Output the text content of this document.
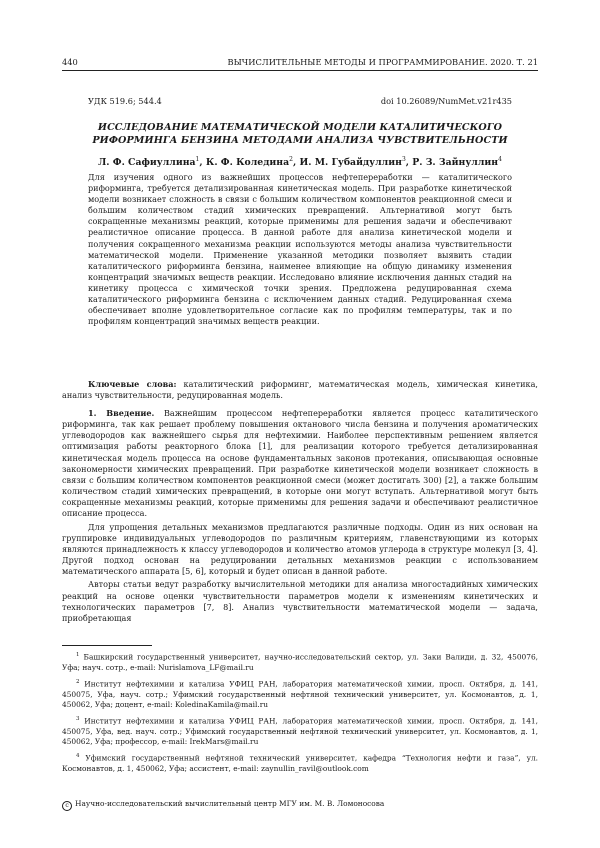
440	ВЫЧИСЛИТЕЛЬНЫЕ МЕТОДЫ И ПРОГРАММИРОВАНИЕ. 2020. Т. 21
УДК 519.6; 544.4	doi 10.26089/NumMet.v21r435
ИССЛЕДОВАНИЕ МАТЕМАТИЧЕСКОЙ МОДЕЛИ КАТАЛИТИЧЕСКОГО РИФОРМИНГА БЕНЗИНА МЕТОДАМИ АНАЛИЗА ЧУВСТВИТЕЛЬНОСТИ
Л. Ф. Сафиуллина$^1$, К. Ф. Коледина$^2$, И. М. Губайдуллин$^3$, Р. З. Зайнуллин$^4$

Для изучения одного из важнейших процессов нефтепереработки — каталитического риформинга, требуется детализированная кинетическая модель. При разработке кинетической модели возникает сложность в связи с большим количеством компонентов реакционной смеси и большим количеством стадий химических превращений. Альтернативой могут быть сокращенные механизмы реакций, которые применимы для решения задачи и обеспечивают реалистичное описание процесса. В данной работе для анализа кинетической модели и получения сокращенного механизма реакции используются методы анализа чувствительности математической модели. Применение указанной методики позволяет выявить стадии каталитического риформинга бензина, наименее влияющие на общую динамику изменения концентраций значимых веществ реакции. Исследовано влияние исключения данных стадий на кинетику процесса с химической точки зрения. Предложена редуцированная схема каталитического риформинга бензина с исключением данных стадий. Редуцированная схема обеспечивает вполне удовлетворительное согласие как по профилям температуры, так и по профилям концентраций значимых веществ реакции.

Ключевые слова: каталитический риформинг, математическая модель, химическая кинетика, анализ чувствительности, редуцированная модель.

1. Введение. Важнейшим процессом нефтепереработки является процесс каталитического риформинга, так как решает проблему повышения октанового числа бензина и получения ароматических углеводородов как важнейшего сырья для нефтехимии. Наиболее перспективным решением является оптимизация работы реакторного блока [1], для реализации которого требуется детализированная кинетическая модель процесса на основе фундаментальных законов протекания, описывающая основные закономерности химических превращений. При разработке кинетической модели возникает сложность в связи с большим количеством компонентов реакционной смеси (может достигать 300) [2], а также большим количеством стадий химических превращений, в которые они могут вступать. Альтернативой могут быть сокращенные механизмы реакций, которые применимы для решения задачи и обеспечивают реалистичное описание процесса.

Для упрощения детальных механизмов предлагаются различные подходы. Один из них основан на группировке индивидуальных углеводородов по различным критериям, главенствующими из которых являются принадлежность к классу углеводородов и количество атомов углерода в структуре молекул [3, 4]. Другой подход основан на редуцировании детальных механизмов реакции с использованием математического аппарата [5, 6], который и будет описан в данной работе.

Авторы статьи ведут разработку вычислительной методики для анализа многостадийных химических реакций на основе оценки чувствительности параметров модели к изменениям кинетических и технологических параметров [7, 8]. Анализ чувствительности математической модели — задача, приобретающая

$^1$ Башкирский государственный университет, научно-исследовательский сектор, ул. Заки Валиди, д. 32, 450076, Уфа; науч. сотр., e-mail: Nurislamova_LF@mail.ru

$^2$ Институт нефтехимии и катализа УФИЦ РАН, лаборатория математической химии, просп. Октября, д. 141, 450075, Уфа, науч. сотр.; Уфимский государственный нефтяной технический университет, ул. Космонавтов, д. 1, 450062, Уфа; доцент, e-mail: KoledinaKamila@mail.ru

$^3$ Институт нефтехимии и катализа УФИЦ РАН, лаборатория математической химии, просп. Октября, д. 141, 450075, Уфа, вед. науч. сотр.; Уфимский государственный нефтяной технический университет, ул. Космонавтов, д. 1, 450062, Уфа; профессор, e-mail: IrekMars@mail.ru

$^4$ Уфимский государственный нефтяной технический университет, кафедра “Технология нефти и газа”, ул. Космонавтов, д. 1, 450062, Уфа; ассистент, e-mail: zaynullin_ravil@outlook.com

c Научно-исследовательский вычислительный центр МГУ им. М. В. Ломоносова
